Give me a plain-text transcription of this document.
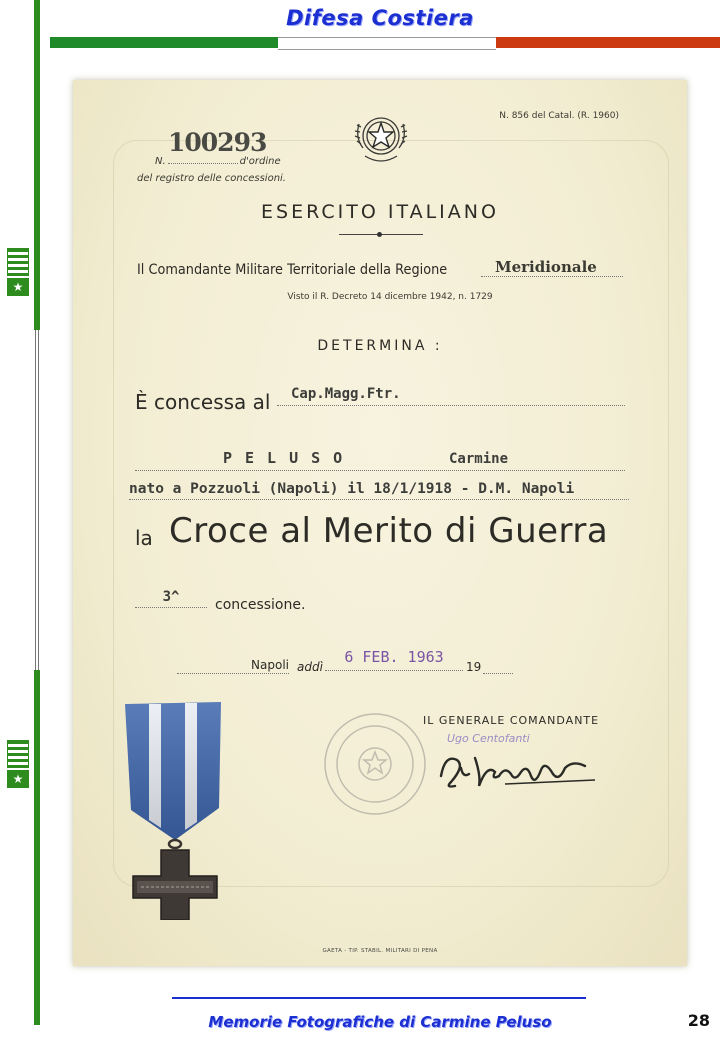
★
★
Difesa Costiera
N. 856 del Catal. (R. 1960)
100293
N.	d'ordine
del registro delle concessioni.
ESERCITO ITALIANO
Il Comandante Militare Territoriale della Regione	Meridionale
Visto il R. Decreto 14 dicembre 1942, n. 1729
DETERMINA :
È concessa al	Cap.Magg.Ftr.
PELUSO	Carmine
nato a Pozzuoli (Napoli) il 18/1/1918 - D.M. Napoli
la Croce al Merito di Guerra
3^	concessione.
Napoli addì
6 FEB. 1963
19
IL GENERALE COMANDANTE
Ugo Centofanti
GAETA - TIP. STABIL. MILITARI DI PENA
Memorie Fotografiche di Carmine Peluso	28
